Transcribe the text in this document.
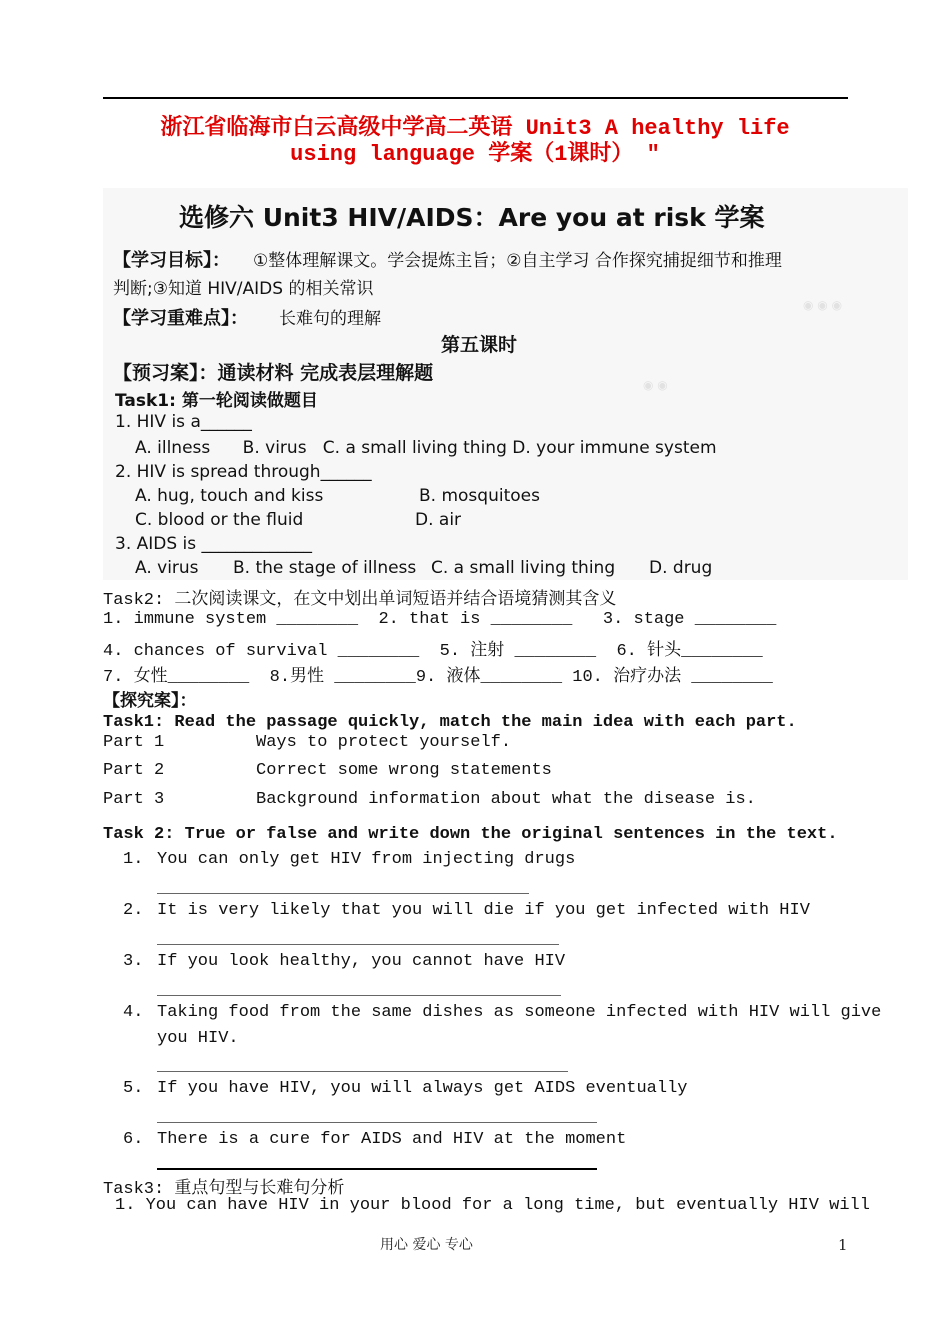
浙江省临海市白云高级中学高二英语 Unit3 A healthy life
using language 学案（1课时） ″
◉ ◉ ◉
◉ ◉
选修六 Unit3 HIV/AIDS：Are you at risk 学案
【学习目标】： ①整体理解课文。学会提炼主旨；②自主学习 合作探究捕捉细节和推理
判断;③知道 HIV/AIDS 的相关常识
【学习重难点】： 长难句的理解
第五课时
【预习案】：通读材料 完成表层理解题
Task1: 第一轮阅读做题目
1. HIV is a______
A. illness      B. virus   C. a small living thing D. your immune system
2. HIV is spread through______
A. hug, touch and kiss	B. mosquitoes
C. blood or the fluid	D. air
3. AIDS is _____________
A. virus B. the stage of illness C. a small living thing D. drug
Task2: 二次阅读课文，在文中划出单词短语并结合语境猜测其含义
1. immune system ________  2. that is ________   3. stage ________
4. chances of survival ________  5. 注射 ________  6. 针头________
7. 女性________  8.男性 ________9. 液体________ 10. 治疗办法 ________
【探究案】：
Task1: Read the passage quickly, match the main idea with each part.
Part 1	Ways to protect yourself.
Part 2	Correct some wrong statements
Part 3	Background information about what the disease is.
Task 2: True or false and write down the original sentences in the text.
1. You can only get HIV from injecting drugs
2. It is very likely that you will die if you get infected with HIV
3. If you look healthy, you cannot have HIV
4. Taking food from the same dishes as someone infected with HIV will give
you HIV.
5. If you have HIV, you will always get AIDS eventually
6. There is a cure for AIDS and HIV at the moment
Task3: 重点句型与长难句分析
1. You can have HIV in your blood for a long time, but eventually HIV will
用心 爱心 专心	1
